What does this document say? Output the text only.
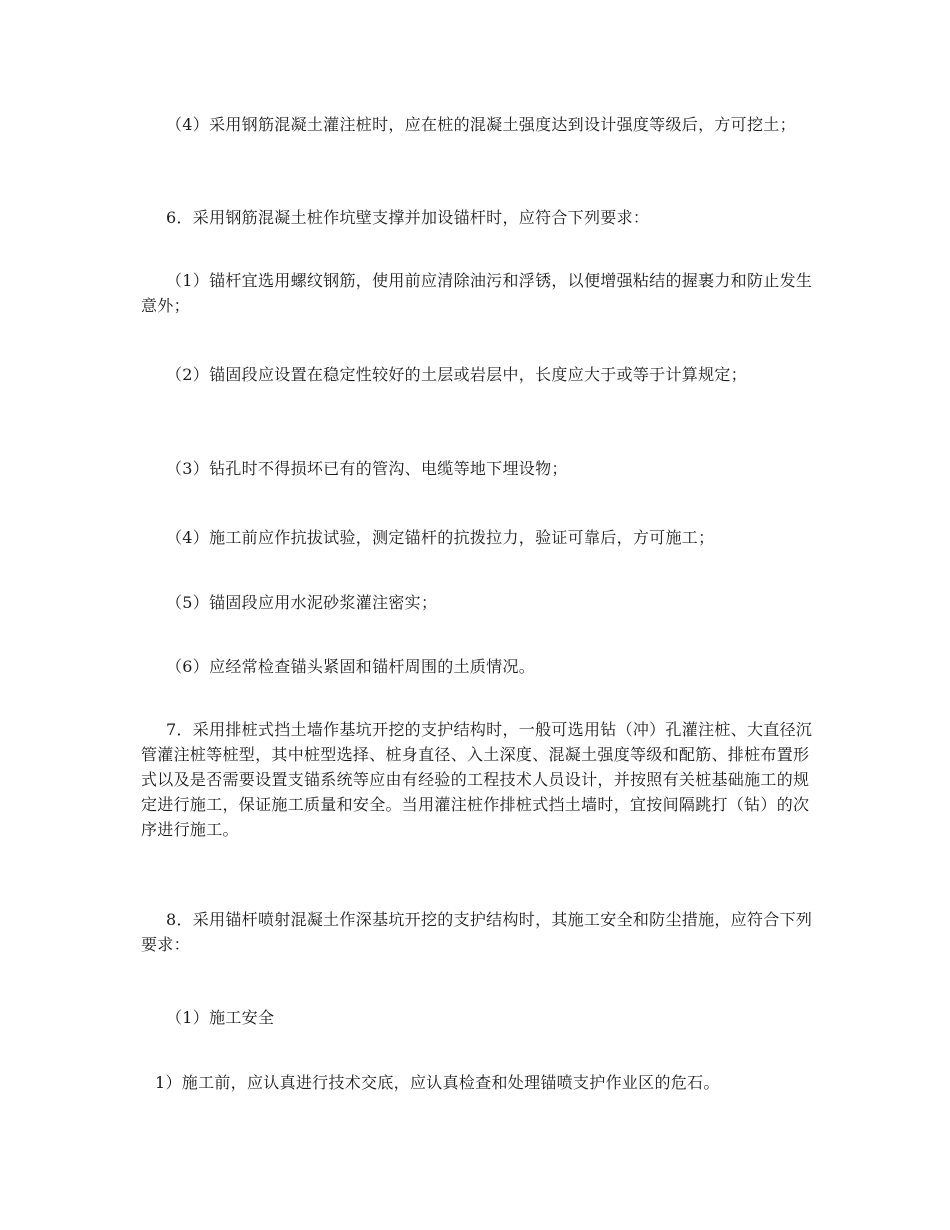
（4）采用钢筋混凝土灌注桩时，应在桩的混凝土强度达到设计强度等级后，方可挖土；

6．采用钢筋混凝土桩作坑壁支撑并加设锚杆时，应符合下列要求：

（1）锚杆宜选用螺纹钢筋，使用前应清除油污和浮锈，以便增强粘结的握裹力和防止发生意外；

（2）锚固段应设置在稳定性较好的土层或岩层中，长度应大于或等于计算规定；

（3）钻孔时不得损坏已有的管沟、电缆等地下埋设物；

（4）施工前应作抗拔试验，测定锚杆的抗拨拉力，验证可靠后，方可施工；

（5）锚固段应用水泥砂浆灌注密实；

（6）应经常检查锚头紧固和锚杆周围的土质情况。

7．采用排桩式挡土墙作基坑开挖的支护结构时，一般可选用钻（冲）孔灌注桩、大直径沉管灌注桩等桩型，其中桩型选择、桩身直径、入土深度、混凝土强度等级和配筋、排桩布置形式以及是否需要设置支锚系统等应由有经验的工程技术人员设计，并按照有关桩基础施工的规定进行施工，保证施工质量和安全。当用灌注桩作排桩式挡土墙时，宜按间隔跳打（钻）的次序进行施工。

8．采用锚杆喷射混凝土作深基坑开挖的支护结构时，其施工安全和防尘措施，应符合下列要求：

（1）施工安全

1）施工前，应认真进行技术交底，应认真检查和处理锚喷支护作业区的危石。
